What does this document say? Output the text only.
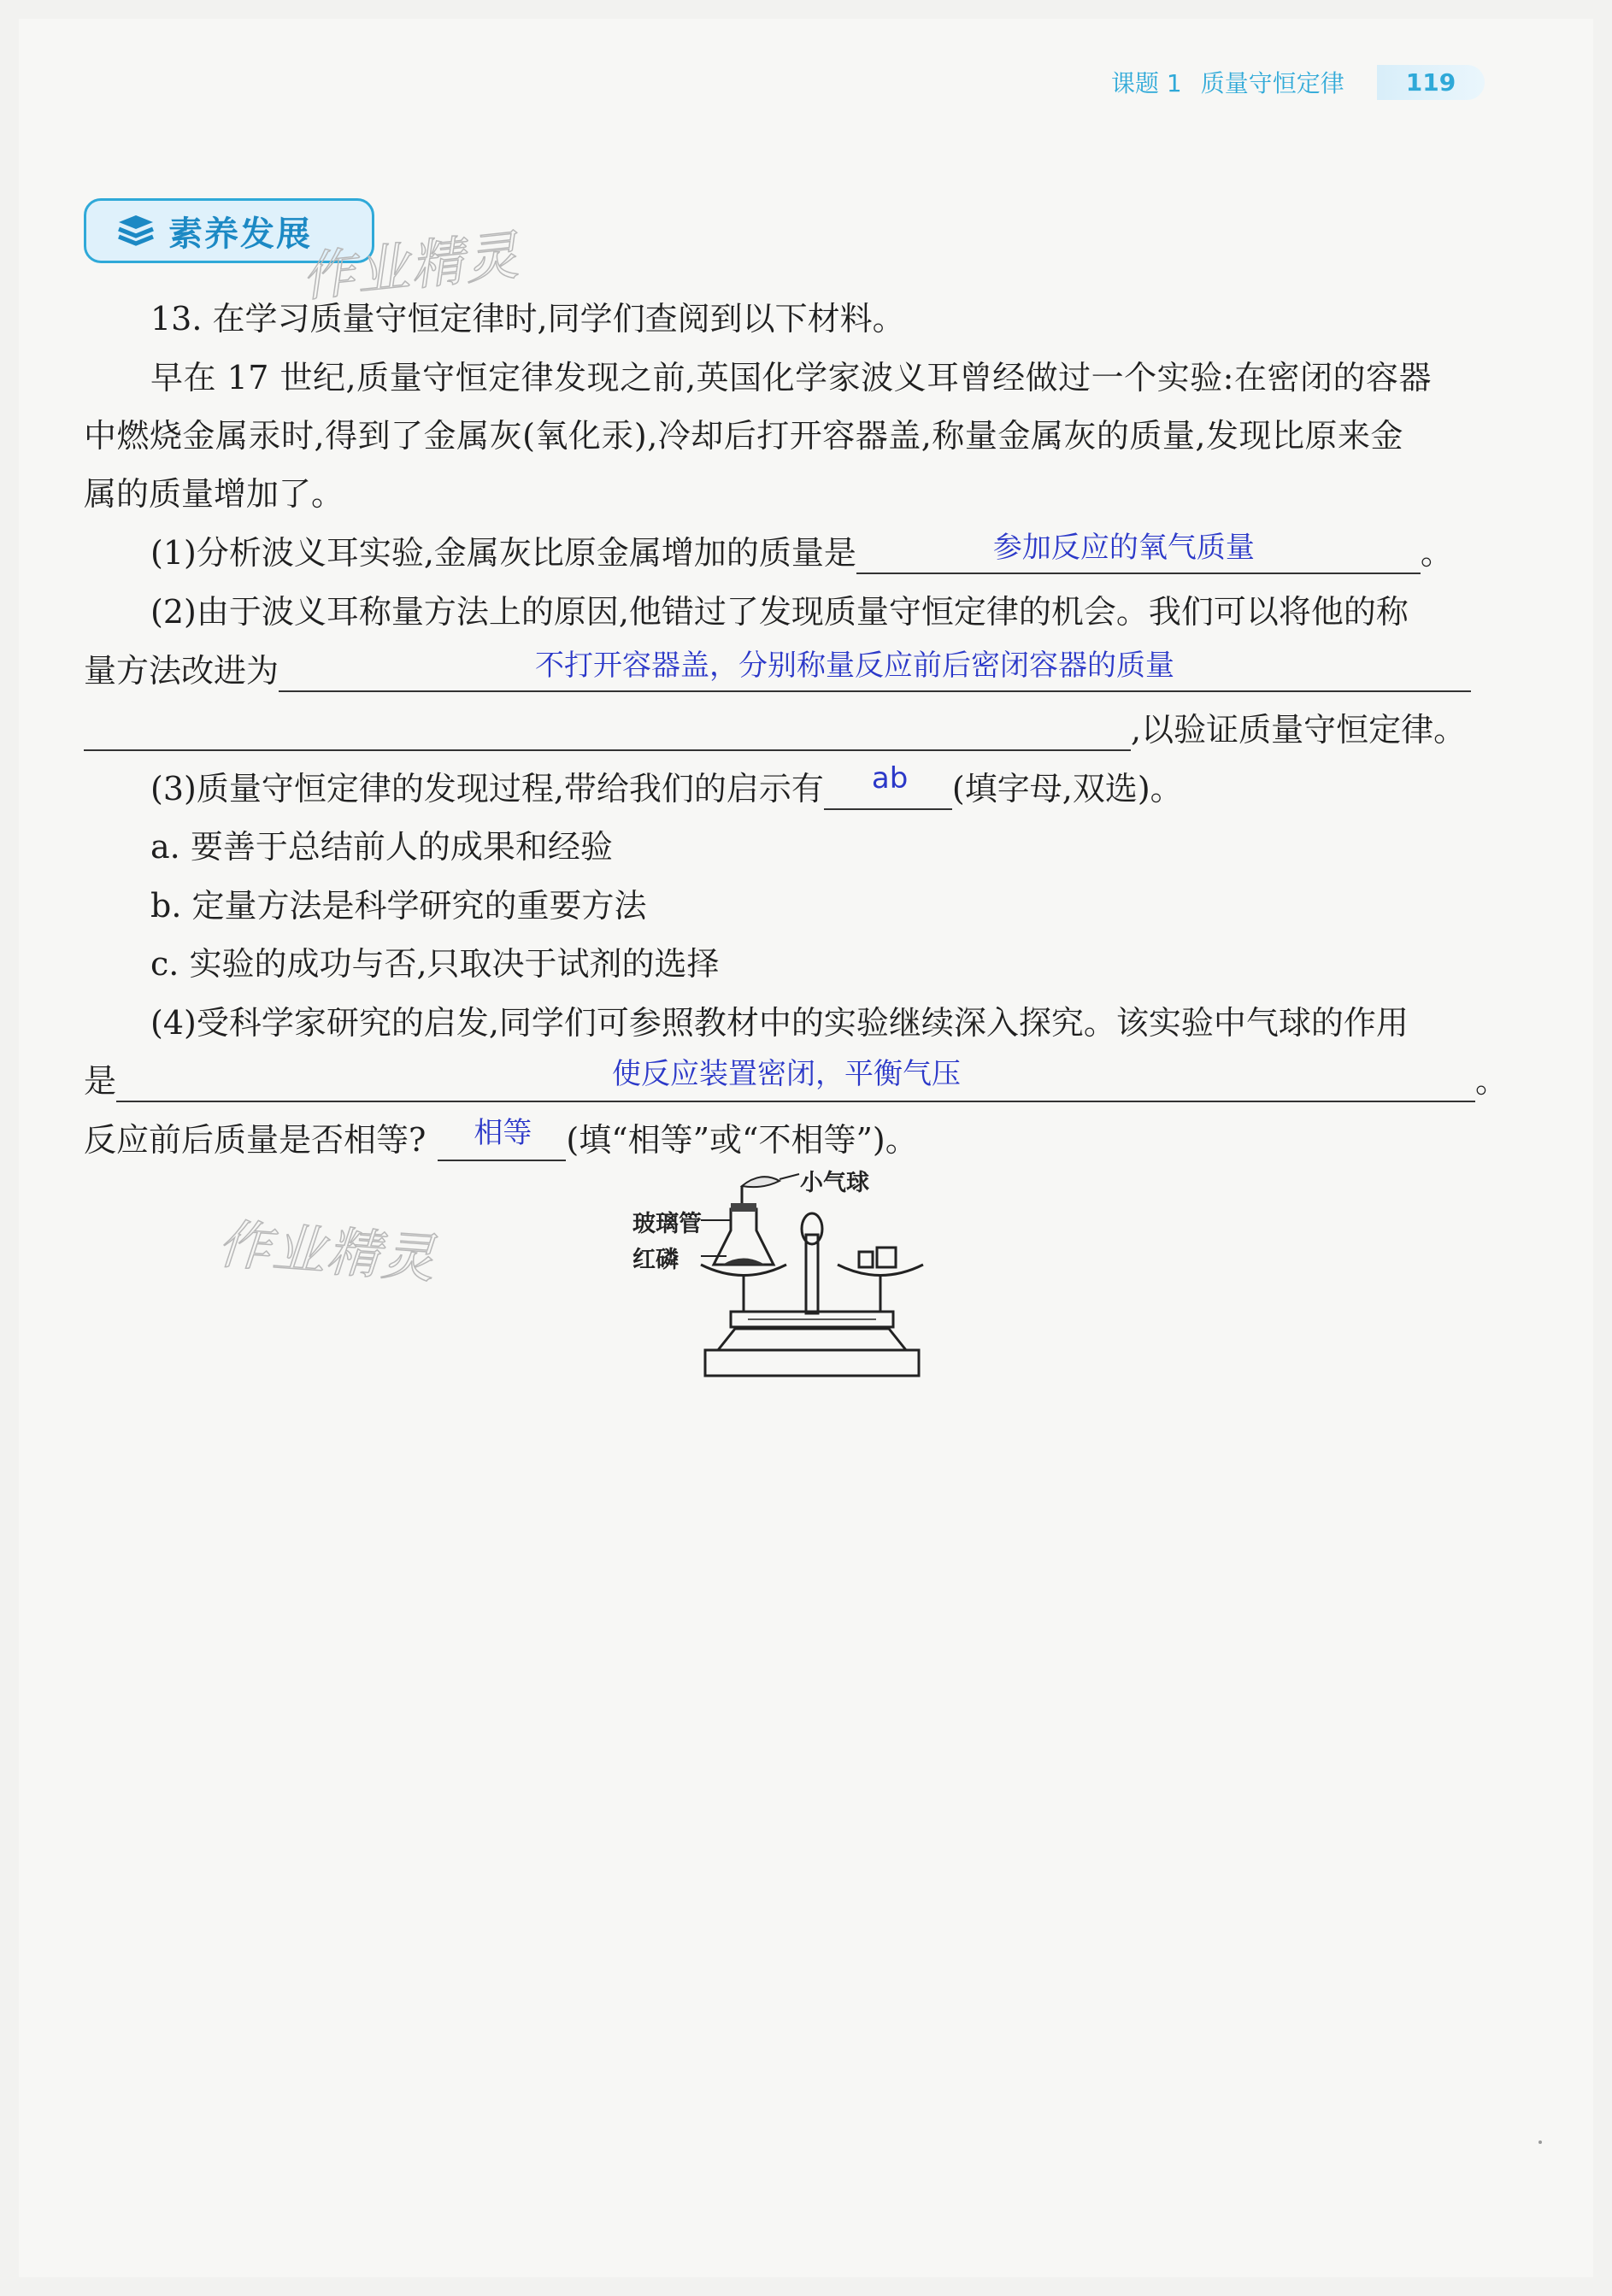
课题 1 质量守恒定律	119
素养发展
作业精灵
13. 在学习质量守恒定律时,同学们查阅到以下材料。
早在 17 世纪,质量守恒定律发现之前,英国化学家波义耳曾经做过一个实验:在密闭的容器
中燃烧金属汞时,得到了金属灰(氧化汞),冷却后打开容器盖,称量金属灰的质量,发现比原来金
属的质量增加了。
(1)分析波义耳实验,金属灰比原金属增加的质量是	参加反应的氧气质量	。
(2)由于波义耳称量方法上的原因,他错过了发现质量守恒定律的机会。我们可以将他的称
量方法改进为	不打开容器盖，分别称量反应前后密闭容器的质量
,以验证质量守恒定律。
(3)质量守恒定律的发现过程,带给我们的启示有 ab (填字母,双选)。
a. 要善于总结前人的成果和经验
b. 定量方法是科学研究的重要方法
c. 实验的成功与否,只取决于试剂的选择
(4)受科学家研究的启发,同学们可参照教材中的实验继续深入探究。该实验中气球的作用
是	使反应装置密闭，平衡气压	。
反应前后质量是否相等? 相等 (填“相等”或“不相等”)。
作业精灵
小气球
玻璃管
红磷
